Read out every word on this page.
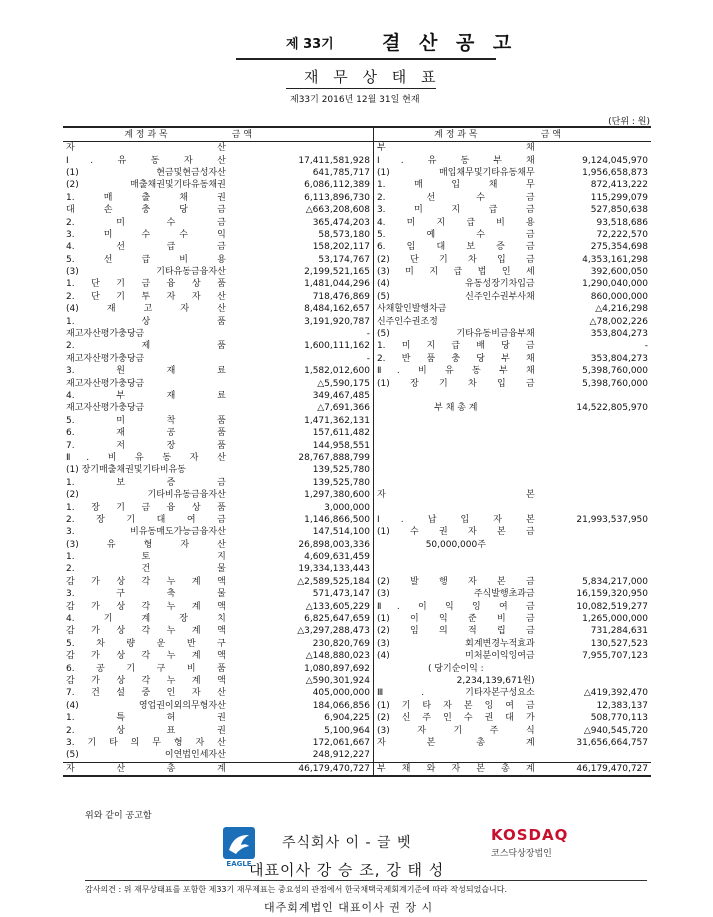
제 33기	결 산 공 고
재 무 상 태 표
제33기 2016년 12월 31일 현재
(단위 : 원)
계 정 과 목	금 액	계 정 과 목	금 액

자 산		부 채	

Ⅰ. 유 동 자 산	17,411,581,928	Ⅰ. 유 동 부 채	9,124,045,970

(1) 현금및현금성자산	641,785,717	(1) 매입채무및기타유동채무	1,956,658,873

(2) 매출채권및기타유동채권	6,086,112,389	1. 매 입 채 무	872,413,222

1. 매 출 채 권	6,113,896,730	2. 선 수 금	115,299,079

대 손 충 당 금	△663,208,608	3. 미 지 급 금	527,850,638

2. 미 수 금	365,474,203	4. 미 지 급 비 용	93,518,686

3. 미 수 수 익	58,573,180	5. 예 수 금	72,222,570

4. 선 급 금	158,202,117	6. 임 대 보 증 금	275,354,698

5. 선 급 비 용	53,174,767	(2) 단 기 차 입 금	4,353,161,298

(3) 기타유동금융자산	2,199,521,165	(3) 미 지 급 법 인 세	392,600,050

1. 단 기 금 융 상 품	1,481,044,296	(4) 유동성장기차입금	1,290,040,000

2. 단 기 투 자 자 산	718,476,869	(5) 신주인수권부사채	860,000,000

(4) 재 고 자 산	8,484,162,657	사채할인발행차금	△4,216,298

1. 상 품	3,191,920,787	신주인수권조정	△78,002,226

재고자산평가충당금	-	(5) 기타유동비금융부채	353,804,273

2. 제 품	1,600,111,162	1. 미 지 급 배 당 금	-

재고자산평가충당금	-	2. 반 품 충 당 부 채	353,804,273

3. 원 재 료	1,582,012,600	Ⅱ. 비 유 동 부 채	5,398,760,000

재고자산평가충당금	△5,590,175	(1) 장 기 차 입 금	5,398,760,000

4. 부 재 료	349,467,485	

재고자산평가충당금	△7,691,366	부 채 총 계	14,522,805,970

5. 미 착 품	1,471,362,131	

6. 재 공 품	157,611,482	

7. 저 장 품	144,958,551	

Ⅱ. 비 유 동 자 산	28,767,888,799	

(1) 장기매출채권및기타비유동	139,525,780	

1. 보 증 금	139,525,780	

(2) 기타비유동금융자산	1,297,380,600	자 본	

1. 장 기 금 융 상 품	3,000,000	

2. 장 기 대 여 금	1,146,866,500	Ⅰ. 납 입 자 본	21,993,537,950

3. 비유동매도가능금융자산	147,514,100	(1) 수 권 자 본 금	

(3) 유 형 자 산	26,898,003,336	50,000,000주	

1. 토 지	4,609,631,459	

2. 건 물	19,334,133,443	

감 가 상 각 누 계 액	△2,589,525,184	(2) 발 행 자 본 금	5,834,217,000

3. 구 축 물	571,473,147	(3) 주식발행초과금	16,159,320,950

감 가 상 각 누 계 액	△133,605,229	Ⅱ. 이 익 잉 여 금	10,082,519,277

4. 기 계 장 치	6,825,647,659	(1) 이 익 준 비 금	1,265,000,000

감 가 상 각 누 계 액	△3,297,288,473	(2) 임 의 적 립 금	731,284,631

5. 차 량 운 반 구	230,820,769	(3) 회계변경누적효과	130,527,523

감 가 상 각 누 계 액	△148,880,023	(4) 미처분이익잉여금	7,955,707,123

6. 공 기 구 비 품	1,080,897,692	( 당기순이익 :	

감 가 상 각 누 계 액	△590,301,924	2,234,139,671원)	

7. 건 설 중 인 자 산	405,000,000	Ⅲ. 기타자본구성요소	△419,392,470

(4) 영업권이외의무형자산	184,066,856	(1) 기 타 자 본 잉 여 금	12,383,137

1. 특 허 권	6,904,225	(2) 신 주 인 수 권 대 가	508,770,113

2. 상 표 권	5,100,964	(3) 자 기 주 식	△940,545,720

3. 기 타 의 무 형 자 산	172,061,667	자 본 총 계	31,656,664,757

(5) 이연법인세자산	248,912,227	

자 산 총 계	46,179,470,727	부 채 와 자 본 총 계	46,179,470,727
위와 같이 공고함
EAGLE
주식회사 이 - 글 벳	KOSDAQ
코스닥상장법인
대표이사 강 승 조, 강 태 성
감사의견 : 위 재무상태표를 포함한 제33기 재무제표는 중요성의 관점에서 한국채택국제회계기준에 따라 작성되었습니다.
대주회계법인 대표이사 권 장 시
